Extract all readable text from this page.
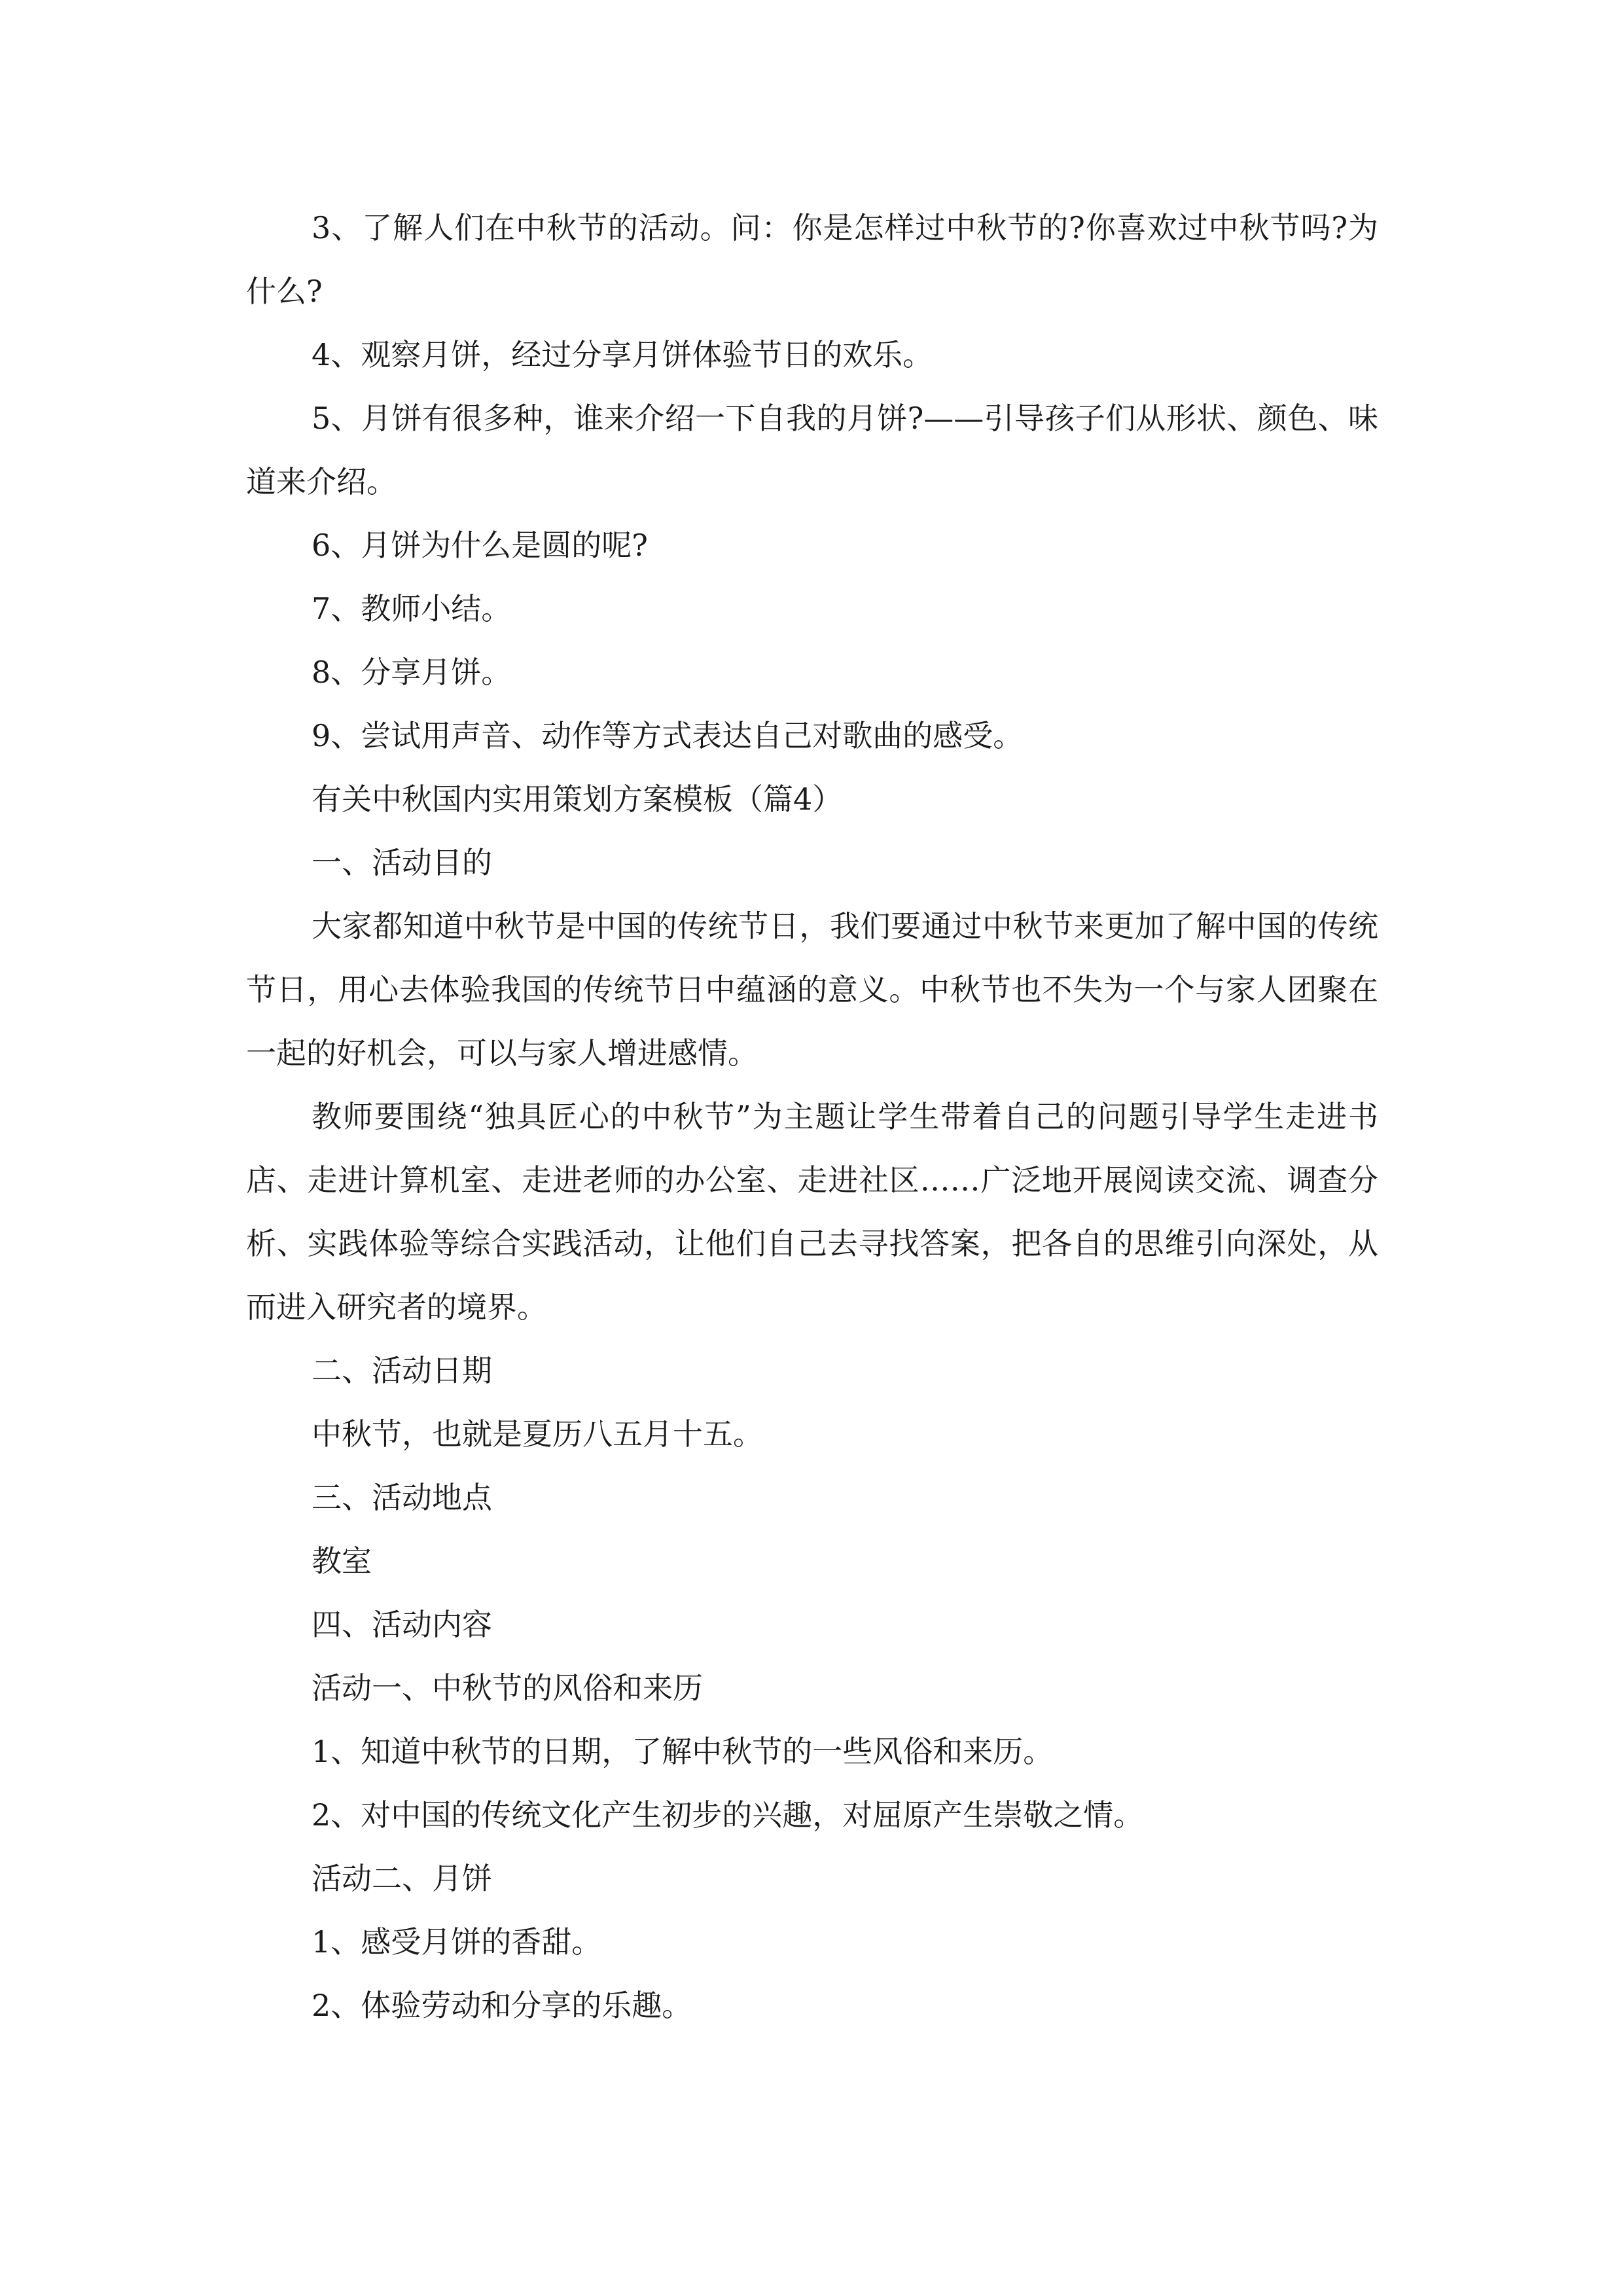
3、了解人们在中秋节的活动。问：你是怎样过中秋节的?你喜欢过中秋节吗?为什么?

4、观察月饼，经过分享月饼体验节日的欢乐。

5、月饼有很多种，谁来介绍一下自我的月饼?——引导孩子们从形状、颜色、味道来介绍。

6、月饼为什么是圆的呢?

7、教师小结。

8、分享月饼。

9、尝试用声音、动作等方式表达自己对歌曲的感受。

有关中秋国内实用策划方案模板（篇4）

一、活动目的

大家都知道中秋节是中国的传统节日，我们要通过中秋节来更加了解中国的传统节日，用心去体验我国的传统节日中蕴涵的意义。中秋节也不失为一个与家人团聚在一起的好机会，可以与家人增进感情。

教师要围绕“独具匠心的中秋节”为主题让学生带着自己的问题引导学生走进书店、走进计算机室、走进老师的办公室、走进社区……广泛地开展阅读交流、调查分析、实践体验等综合实践活动，让他们自己去寻找答案，把各自的思维引向深处，从而进入研究者的境界。

二、活动日期

中秋节，也就是夏历八五月十五。

三、活动地点

教室

四、活动内容

活动一、中秋节的风俗和来历

1、知道中秋节的日期，了解中秋节的一些风俗和来历。

2、对中国的传统文化产生初步的兴趣，对屈原产生崇敬之情。

活动二、月饼

1、感受月饼的香甜。

2、体验劳动和分享的乐趣。
